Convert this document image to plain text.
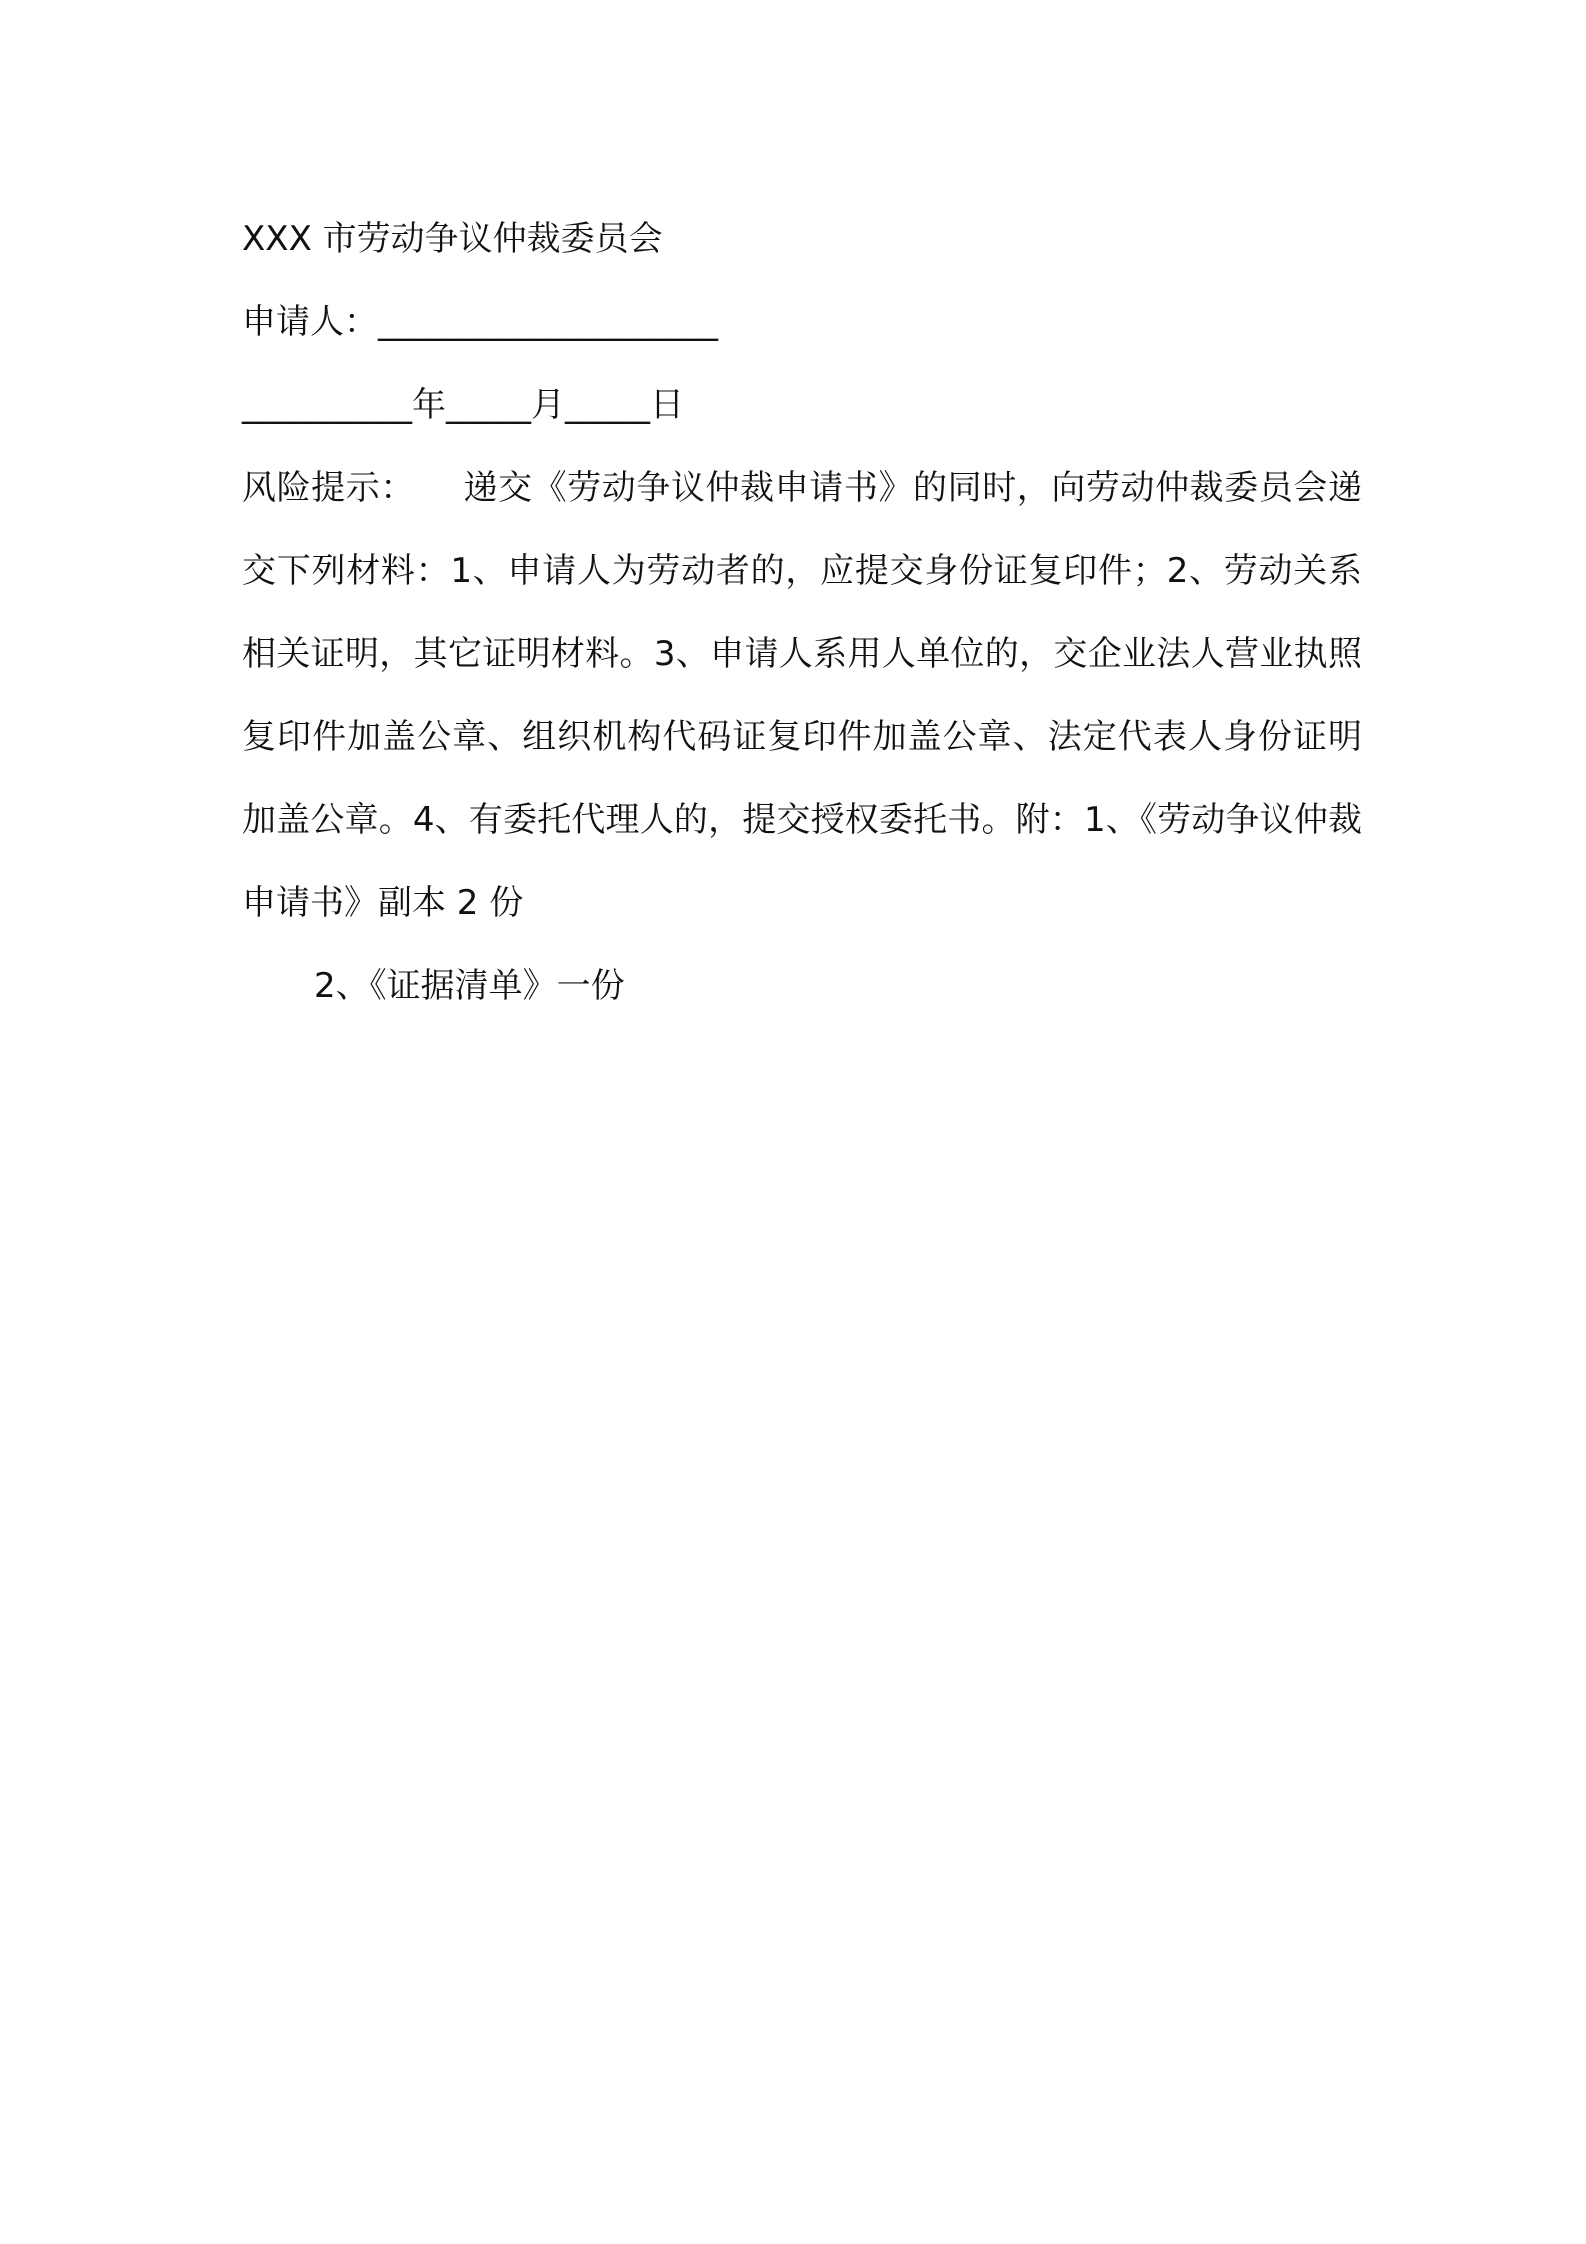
XXX 市劳动争议仲裁委员会
申请人：____________________
__________年_____月_____日
风险提示： 递交《劳动争议仲裁申请书》的同时，向劳动仲裁委员会递交下列材料：1、申请人为劳动者的，应提交身份证复印件；2、劳动关系相关证明，其它证明材料。3、申请人系用人单位的，交企业法人营业执照复印件加盖公章、组织机构代码证复印件加盖公章、法定代表人身份证明加盖公章。4、有委托代理人的，提交授权委托书。附：1、《劳动争议仲裁申请书》副本 2 份
2、《证据清单》一份
